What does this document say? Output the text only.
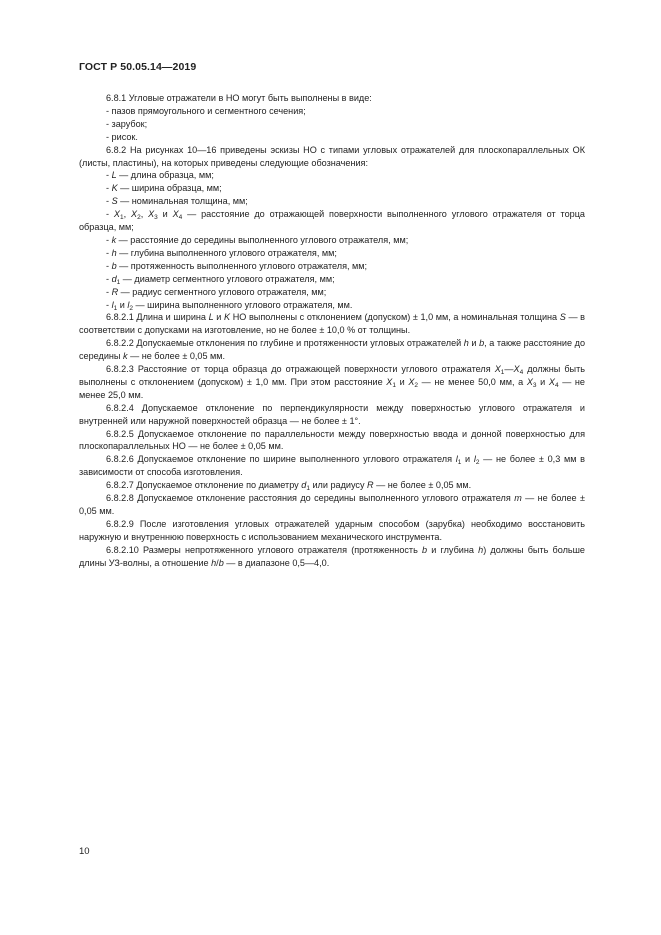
ГОСТ Р 50.05.14—2019

6.8.1 Угловые отражатели в НО могут быть выполнены в виде:

- пазов прямоугольного и сегментного сечения;

- зарубок;

- рисок.

6.8.2 На рисунках 10—16 приведены эскизы НО с типами угловых отражателей для плоскопараллельных ОК (листы, пластины), на которых приведены следующие обозначения:

- L — длина образца, мм;

- K — ширина образца, мм;

- S — номинальная толщина, мм;

- $X_1$, $X_2$, $X_3$ и $X_4$ — расстояние до отражающей поверхности выполненного углового отражателя от торца образца, мм;

- k — расстояние до середины выполненного углового отражателя, мм;

- h — глубина выполненного углового отражателя, мм;

- b — протяженность выполненного углового отражателя, мм;

- $d_1$ — диаметр сегментного углового отражателя, мм;

- R — радиус сегментного углового отражателя, мм;

- $l_1$ и $l_2$ — ширина выполненного углового отражателя, мм.

6.8.2.1 Длина и ширина L и K НО выполнены с отклонением (допуском) ± 1,0 мм, а номинальная толщина S — в соответствии с допусками на изготовление, но не более ± 10,0 % от толщины.

6.8.2.2 Допускаемые отклонения по глубине и протяженности угловых отражателей h и b, а также расстояние до середины k — не более ± 0,05 мм.

6.8.2.3 Расстояние от торца образца до отражающей поверхности углового отражателя $X_1—X_4$ должны быть выполнены с отклонением (допуском) ± 1,0 мм. При этом расстояние $X_1$ и $X_2$ — не менее 50,0 мм, а $X_3$ и $X_4$ — не менее 25,0 мм.

6.8.2.4 Допускаемое отклонение по перпендикулярности между поверхностью углового отражателя и внутренней или наружной поверхностей образца — не более ± 1°.

6.8.2.5 Допускаемое отклонение по параллельности между поверхностью ввода и донной поверхностью для плоскопараллельных НО — не более ± 0,05 мм.

6.8.2.6 Допускаемое отклонение по ширине выполненного углового отражателя $l_1$ и $l_2$ — не более ± 0,3 мм в зависимости от способа изготовления.

6.8.2.7 Допускаемое отклонение по диаметру $d_1$ или радиусу R — не более ± 0,05 мм.

6.8.2.8 Допускаемое отклонение расстояния до середины выполненного углового отражателя m — не более ± 0,05 мм.

6.8.2.9 После изготовления угловых отражателей ударным способом (зарубка) необходимо восстановить наружную и внутреннюю поверхность с использованием механического инструмента.

6.8.2.10 Размеры непротяженного углового отражателя (протяженность b и глубина h) должны быть больше длины УЗ-волны, а отношение h/b — в диапазоне 0,5—4,0.

10
